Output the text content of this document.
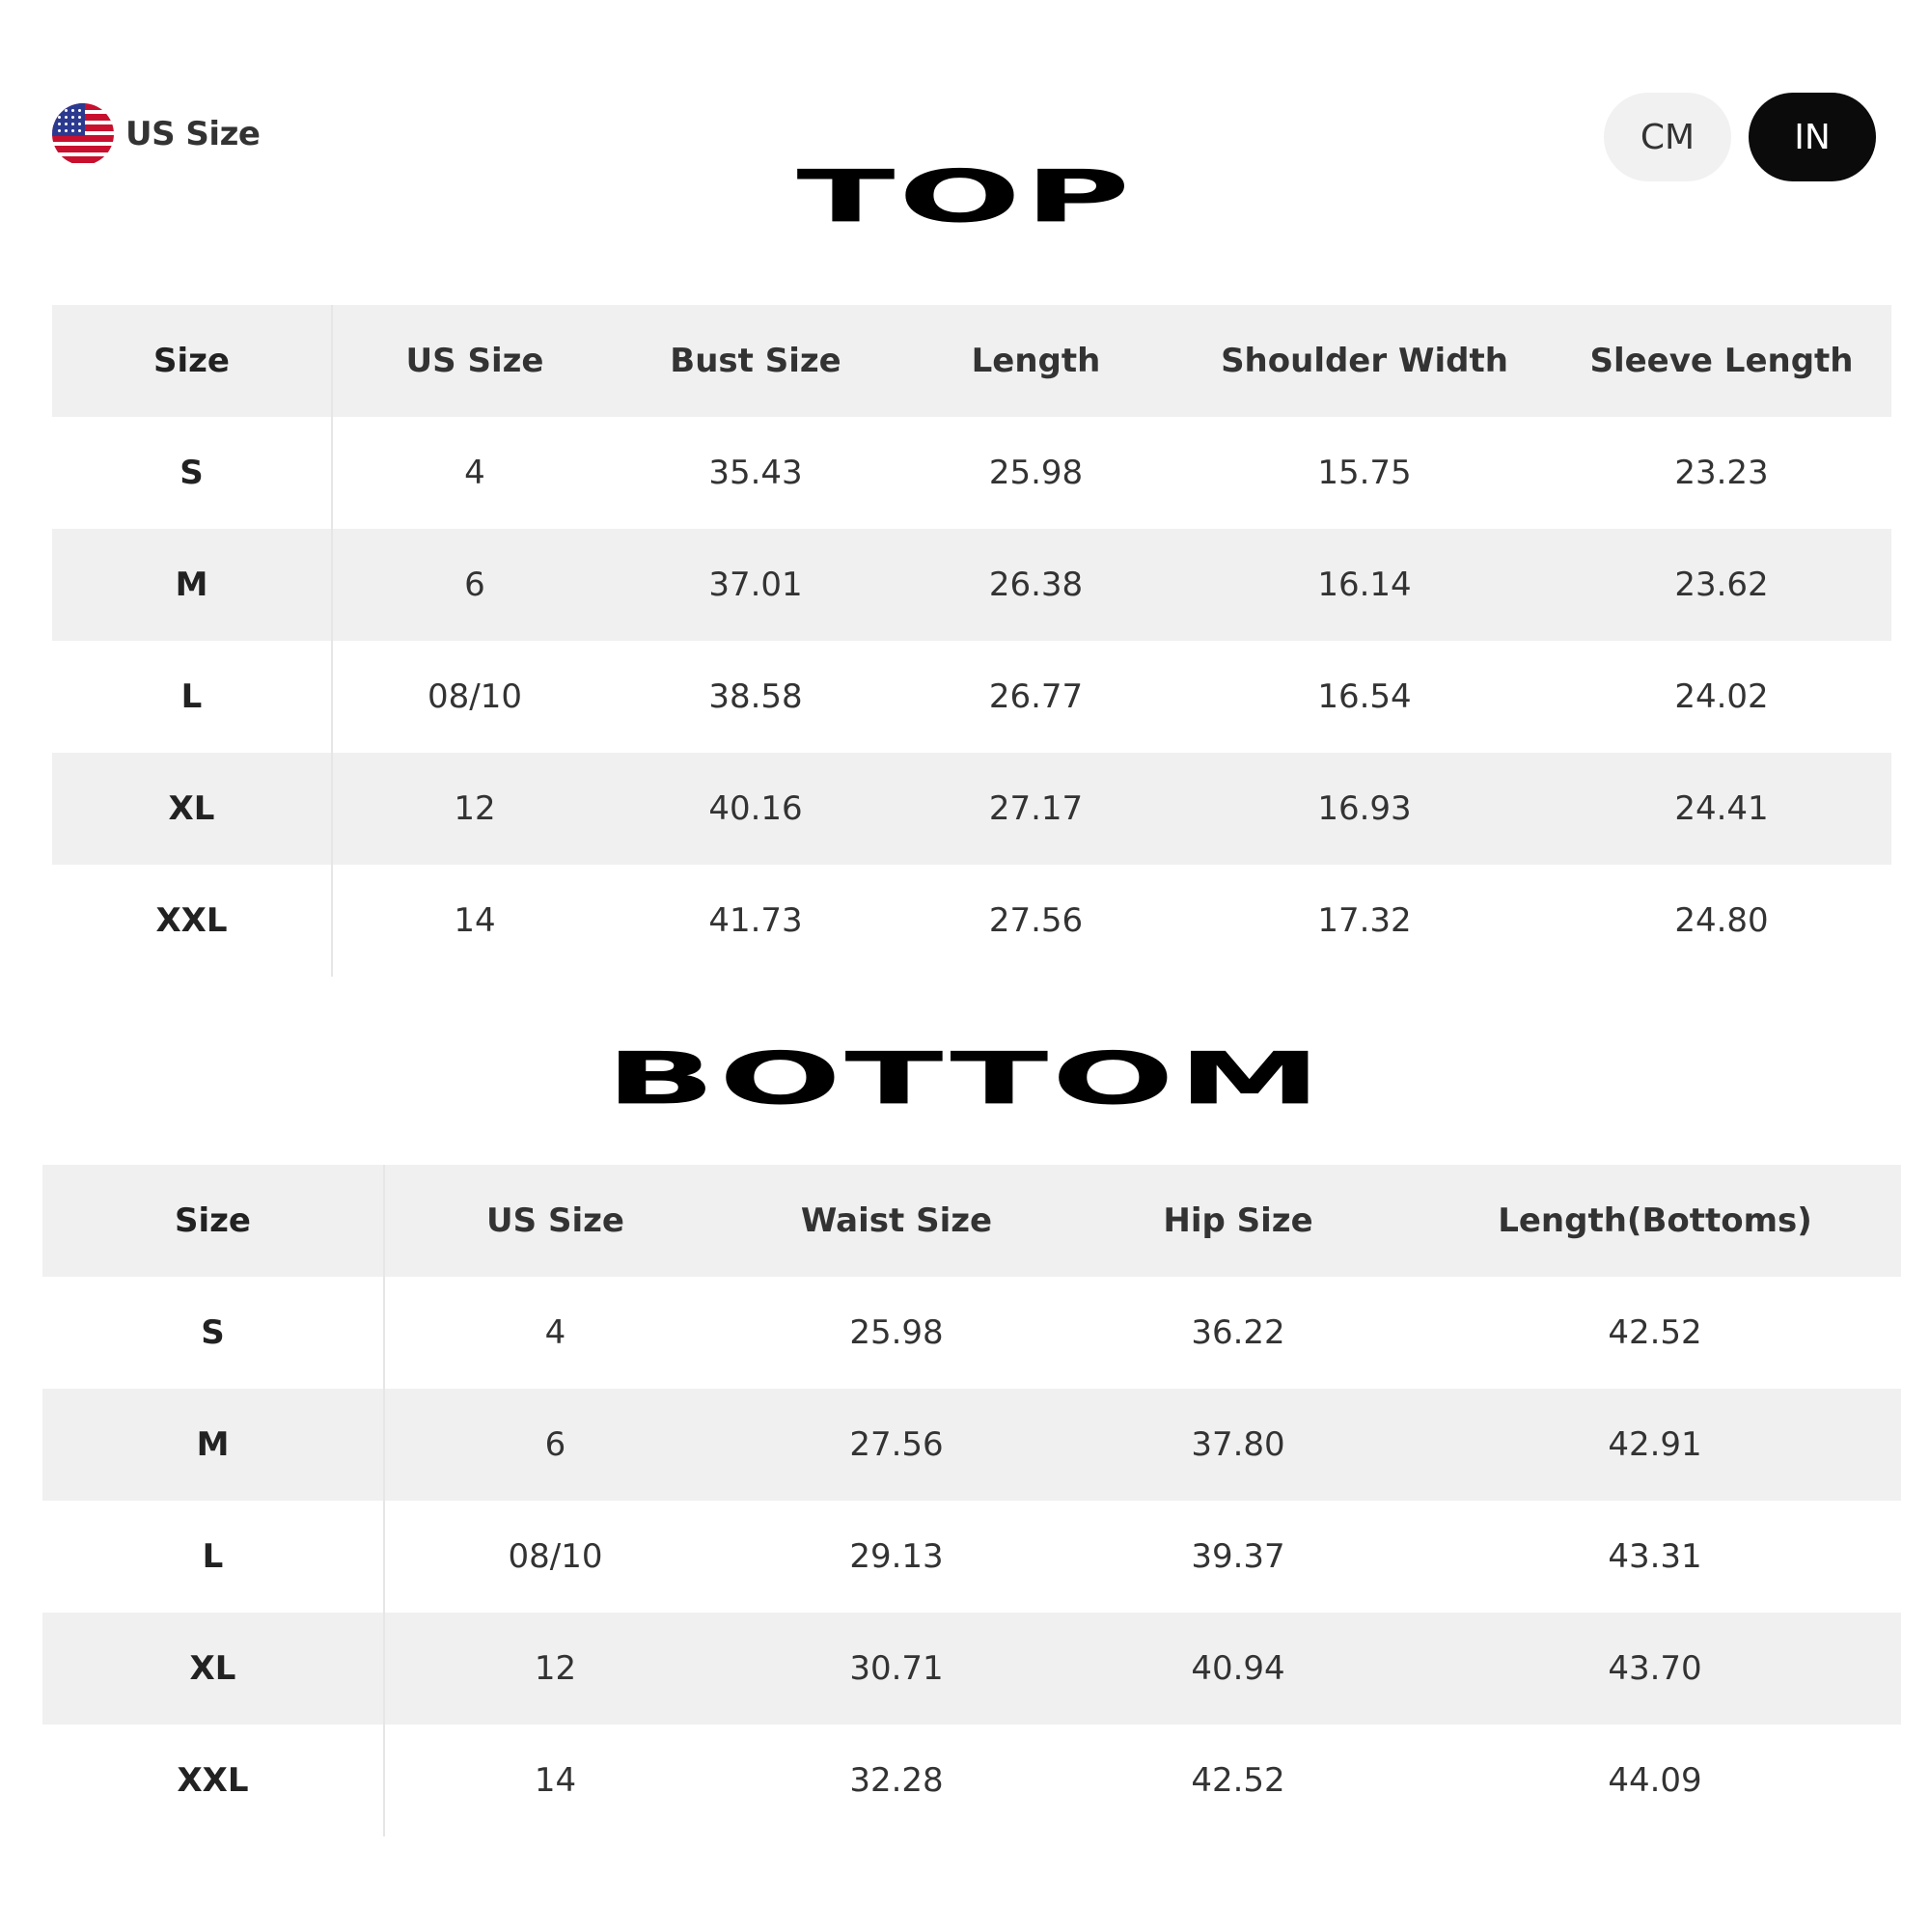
US Size	CM	IN
TOP
Size	US Size	Bust Size	Length	Shoulder Width	Sleeve Length
S	4	35.43	25.98	15.75	23.23
M	6	37.01	26.38	16.14	23.62
L	08/10	38.58	26.77	16.54	24.02
XL	12	40.16	27.17	16.93	24.41
XXL	14	41.73	27.56	17.32	24.80
BOTTOM
Size	US Size	Waist Size	Hip Size	Length(Bottoms)
S	4	25.98	36.22	42.52
M	6	27.56	37.80	42.91
L	08/10	29.13	39.37	43.31
XL	12	30.71	40.94	43.70
XXL	14	32.28	42.52	44.09
